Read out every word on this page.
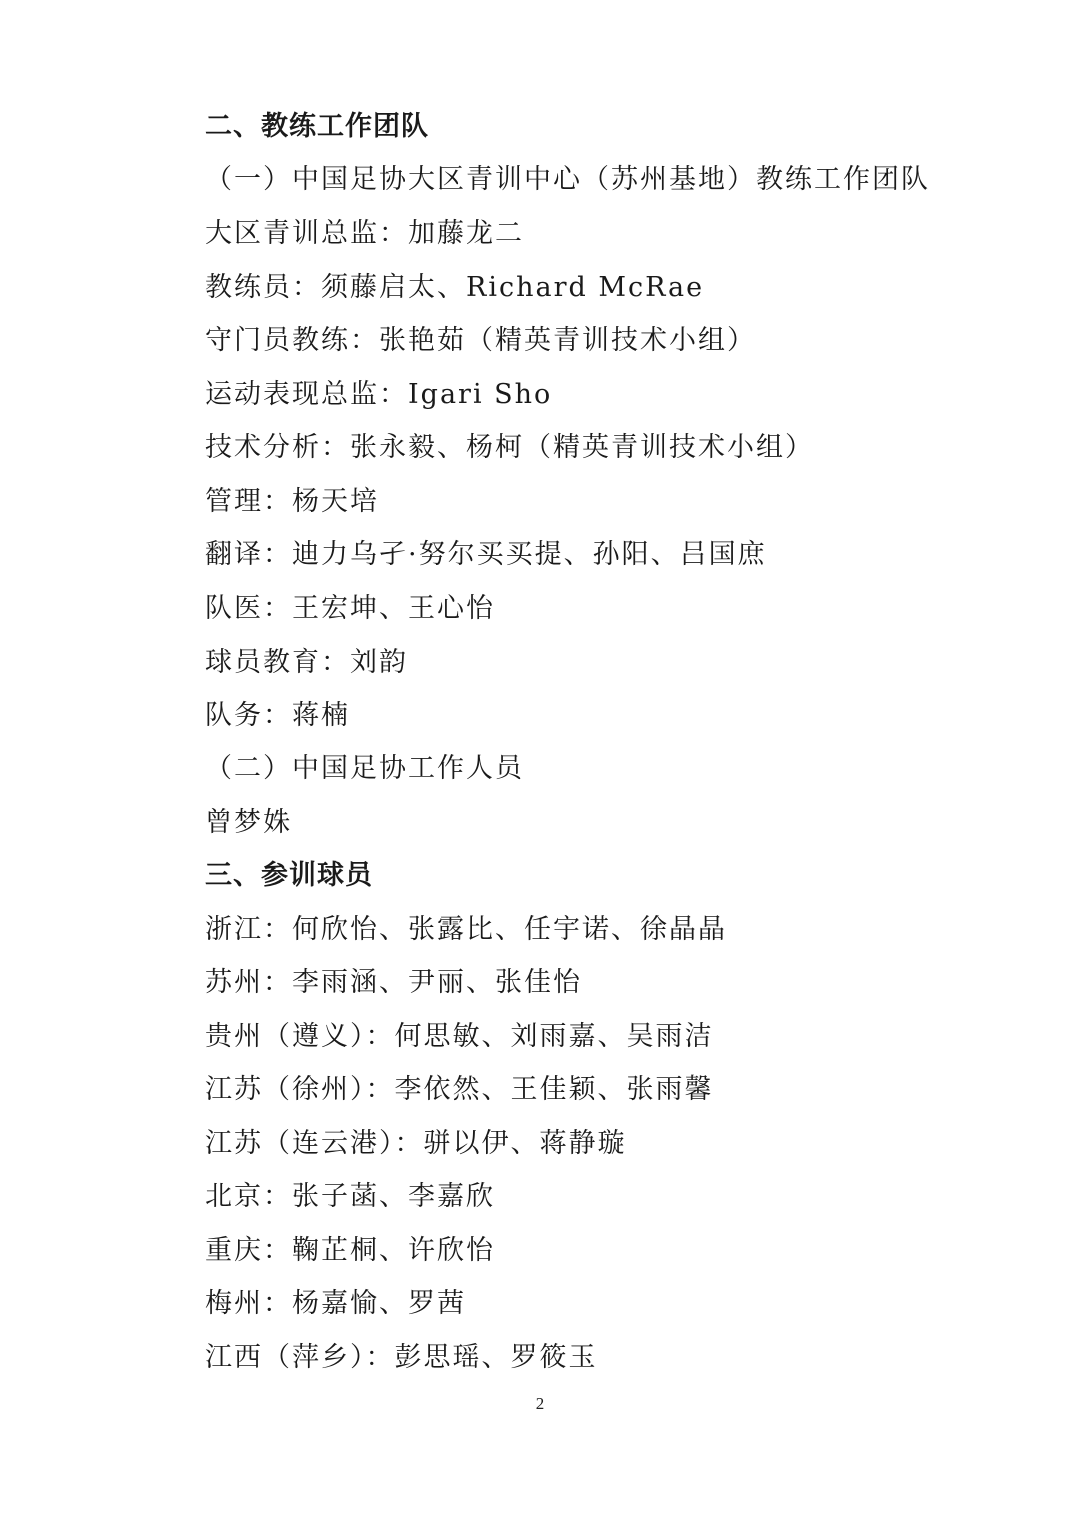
二、教练工作团队
（一）中国足协大区青训中心（苏州基地）教练工作团队
大区青训总监：加藤龙二
教练员：须藤启太、Richard McRae
守门员教练：张艳茹（精英青训技术小组）
运动表现总监：Igari Sho
技术分析：张永毅、杨柯（精英青训技术小组）
管理：杨天培
翻译：迪力乌孑·努尔买买提、孙阳、吕国庶
队医：王宏坤、王心怡
球员教育：刘韵
队务：蒋楠
（二）中国足协工作人员
曾梦姝
三、参训球员
浙江：何欣怡、张露比、任宇诺、徐晶晶
苏州：李雨涵、尹丽、张佳怡
贵州（遵义）：何思敏、刘雨嘉、吴雨洁
江苏（徐州）：李依然、王佳颖、张雨馨
江苏（连云港）：骈以伊、蒋静璇
北京：张子菡、李嘉欣
重庆：鞠芷桐、许欣怡
梅州：杨嘉愉、罗茜
江西（萍乡）：彭思瑶、罗筱玉
2
